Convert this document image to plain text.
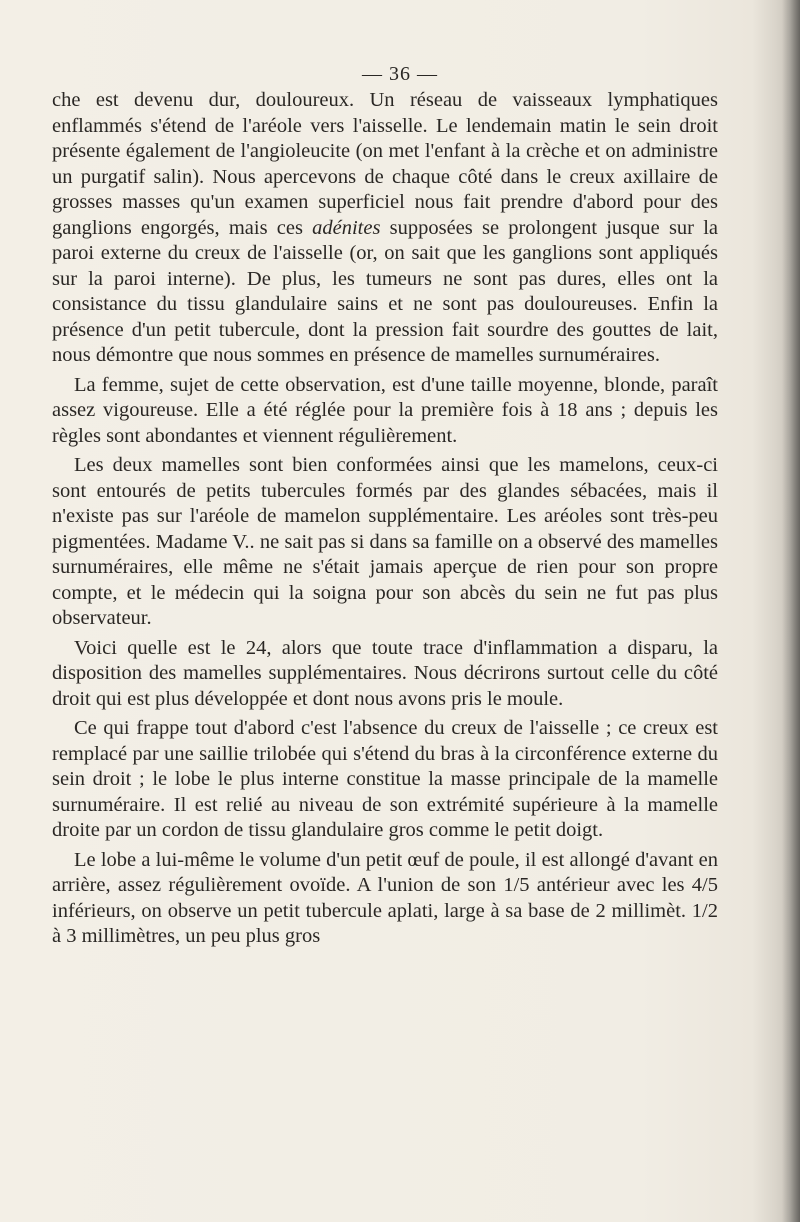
— 36 —

che est devenu dur, douloureux. Un réseau de vaisseaux lymphatiques enflammés s'étend de l'aréole vers l'aisselle. Le lendemain matin le sein droit présente également de l'angioleucite (on met l'enfant à la crèche et on administre un purgatif salin). Nous apercevons de chaque côté dans le creux axillaire de grosses masses qu'un examen superficiel nous fait prendre d'abord pour des ganglions engorgés, mais ces adénites supposées se prolongent jusque sur la paroi externe du creux de l'aisselle (or, on sait que les ganglions sont appliqués sur la paroi interne). De plus, les tumeurs ne sont pas dures, elles ont la consistance du tissu glandulaire sains et ne sont pas douloureuses. Enfin la présence d'un petit tubercule, dont la pression fait sourdre des gouttes de lait, nous démontre que nous sommes en présence de mamelles surnuméraires.

La femme, sujet de cette observation, est d'une taille moyenne, blonde, paraît assez vigoureuse. Elle a été réglée pour la première fois à 18 ans ; depuis les règles sont abondantes et viennent régulièrement.

Les deux mamelles sont bien conformées ainsi que les mamelons, ceux-ci sont entourés de petits tubercules formés par des glandes sébacées, mais il n'existe pas sur l'aréole de mamelon supplémentaire. Les aréoles sont très-peu pigmentées. Madame V.. ne sait pas si dans sa famille on a observé des mamelles surnuméraires, elle même ne s'était jamais aperçue de rien pour son propre compte, et le médecin qui la soigna pour son abcès du sein ne fut pas plus observateur.

Voici quelle est le 24, alors que toute trace d'inflammation a disparu, la disposition des mamelles supplémentaires. Nous décrirons surtout celle du côté droit qui est plus développée et dont nous avons pris le moule.

Ce qui frappe tout d'abord c'est l'absence du creux de l'aisselle ; ce creux est remplacé par une saillie trilobée qui s'étend du bras à la circonférence externe du sein droit ; le lobe le plus interne constitue la masse principale de la mamelle surnuméraire. Il est relié au niveau de son extrémité supérieure à la mamelle droite par un cordon de tissu glandulaire gros comme le petit doigt.

Le lobe a lui-même le volume d'un petit œuf de poule, il est allongé d'avant en arrière, assez régulièrement ovoïde. A l'union de son 1/5 antérieur avec les 4/5 inférieurs, on observe un petit tubercule aplati, large à sa base de 2 millimèt. 1/2 à 3 millimètres, un peu plus gros
